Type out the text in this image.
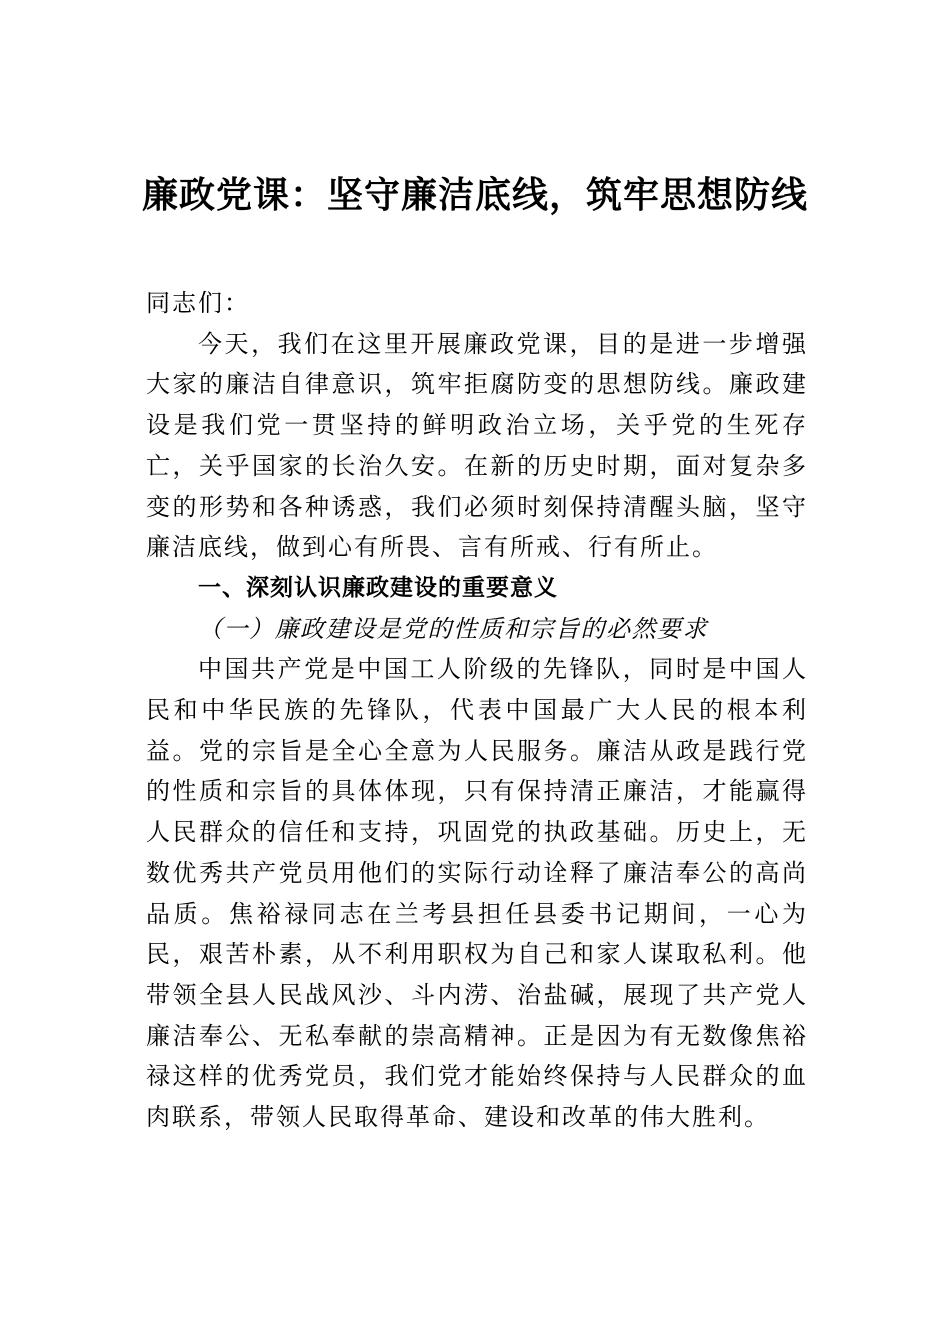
廉政党课：坚守廉洁底线，筑牢思想防线

同志们：

今天，我们在这里开展廉政党课，目的是进一步增强大家的廉洁自律意识，筑牢拒腐防变的思想防线。廉政建设是我们党一贯坚持的鲜明政治立场，关乎党的生死存亡，关乎国家的长治久安。在新的历史时期，面对复杂多变的形势和各种诱惑，我们必须时刻保持清醒头脑，坚守廉洁底线，做到心有所畏、言有所戒、行有所止。

一、深刻认识廉政建设的重要意义

（一）廉政建设是党的性质和宗旨的必然要求

中国共产党是中国工人阶级的先锋队，同时是中国人民和中华民族的先锋队，代表中国最广大人民的根本利益。党的宗旨是全心全意为人民服务。廉洁从政是践行党的性质和宗旨的具体体现，只有保持清正廉洁，才能赢得人民群众的信任和支持，巩固党的执政基础。历史上，无数优秀共产党员用他们的实际行动诠释了廉洁奉公的高尚品质。焦裕禄同志在兰考县担任县委书记期间，一心为民，艰苦朴素，从不利用职权为自己和家人谋取私利。他带领全县人民战风沙、斗内涝、治盐碱，展现了共产党人廉洁奉公、无私奉献的崇高精神。正是因为有无数像焦裕禄这样的优秀党员，我们党才能始终保持与人民群众的血肉联系，带领人民取得革命、建设和改革的伟大胜利。
